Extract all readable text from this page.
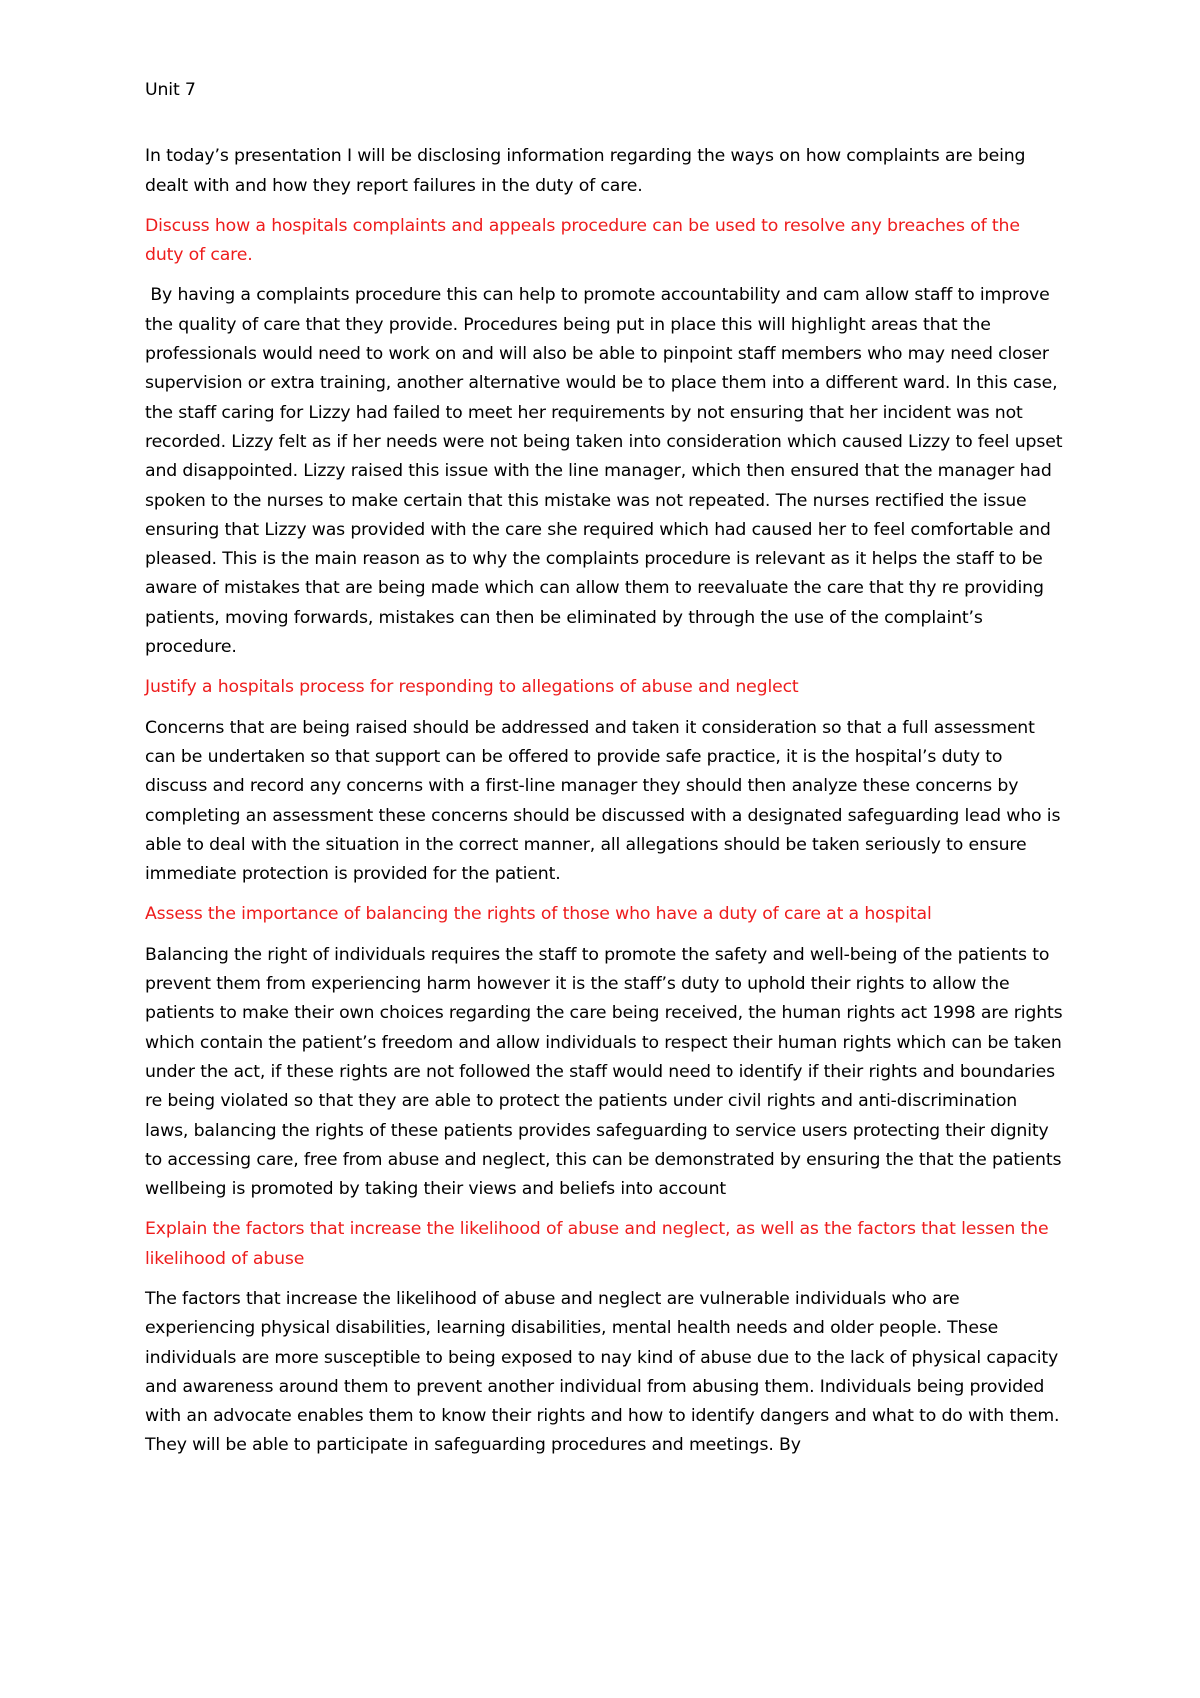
Unit 7

In today’s presentation I will be disclosing information regarding the ways on how complaints are being dealt with and how they report failures in the duty of care.

Discuss how a hospitals complaints and appeals procedure can be used to resolve any breaches of the duty of care.

By having a complaints procedure this can help to promote accountability and cam allow staff to improve the quality of care that they provide. Procedures being put in place this will highlight areas that the professionals would need to work on and will also be able to pinpoint staff members who may need closer supervision or extra training, another alternative would be to place them into a different ward. In this case, the staff caring for Lizzy had failed to meet her requirements by not ensuring that her incident was not recorded. Lizzy felt as if her needs were not being taken into consideration which caused Lizzy to feel upset and disappointed. Lizzy raised this issue with the line manager, which then ensured that the manager had spoken to the nurses to make certain that this mistake was not repeated. The nurses rectified the issue ensuring that Lizzy was provided with the care she required which had caused her to feel comfortable and pleased. This is the main reason as to why the complaints procedure is relevant as it helps the staff to be aware of mistakes that are being made which can allow them to reevaluate the care that thy re providing patients, moving forwards, mistakes can then be eliminated by through the use of the complaint’s procedure.

Justify a hospitals process for responding to allegations of abuse and neglect

Concerns that are being raised should be addressed and taken it consideration so that a full assessment can be undertaken so that support can be offered to provide safe practice, it is the hospital’s duty to discuss and record any concerns with a first-line manager they should then analyze these concerns by completing an assessment these concerns should be discussed with a designated safeguarding lead who is able to deal with the situation in the correct manner, all allegations should be taken seriously to ensure immediate protection is provided for the patient.

Assess the importance of balancing the rights of those who have a duty of care at a hospital

Balancing the right of individuals requires the staff to promote the safety and well-being of the patients to prevent them from experiencing harm however it is the staff’s duty to uphold their rights to allow the patients to make their own choices regarding the care being received, the human rights act 1998 are rights which contain the patient’s freedom and allow individuals to respect their human rights which can be taken under the act, if these rights are not followed the staff would need to identify if their rights and boundaries re being violated so that they are able to protect the patients under civil rights and anti-discrimination laws, balancing the rights of these patients provides safeguarding to service users protecting their dignity to accessing care, free from abuse and neglect, this can be demonstrated by ensuring the that the patients wellbeing is promoted by taking their views and beliefs into account

Explain the factors that increase the likelihood of abuse and neglect, as well as the factors that lessen the likelihood of abuse

The factors that increase the likelihood of abuse and neglect are vulnerable individuals who are experiencing physical disabilities, learning disabilities, mental health needs and older people. These individuals are more susceptible to being exposed to nay kind of abuse due to the lack of physical capacity and awareness around them to prevent another individual from abusing them. Individuals being provided with an advocate enables them to know their rights and how to identify dangers and what to do with them. They will be able to participate in safeguarding procedures and meetings. By
